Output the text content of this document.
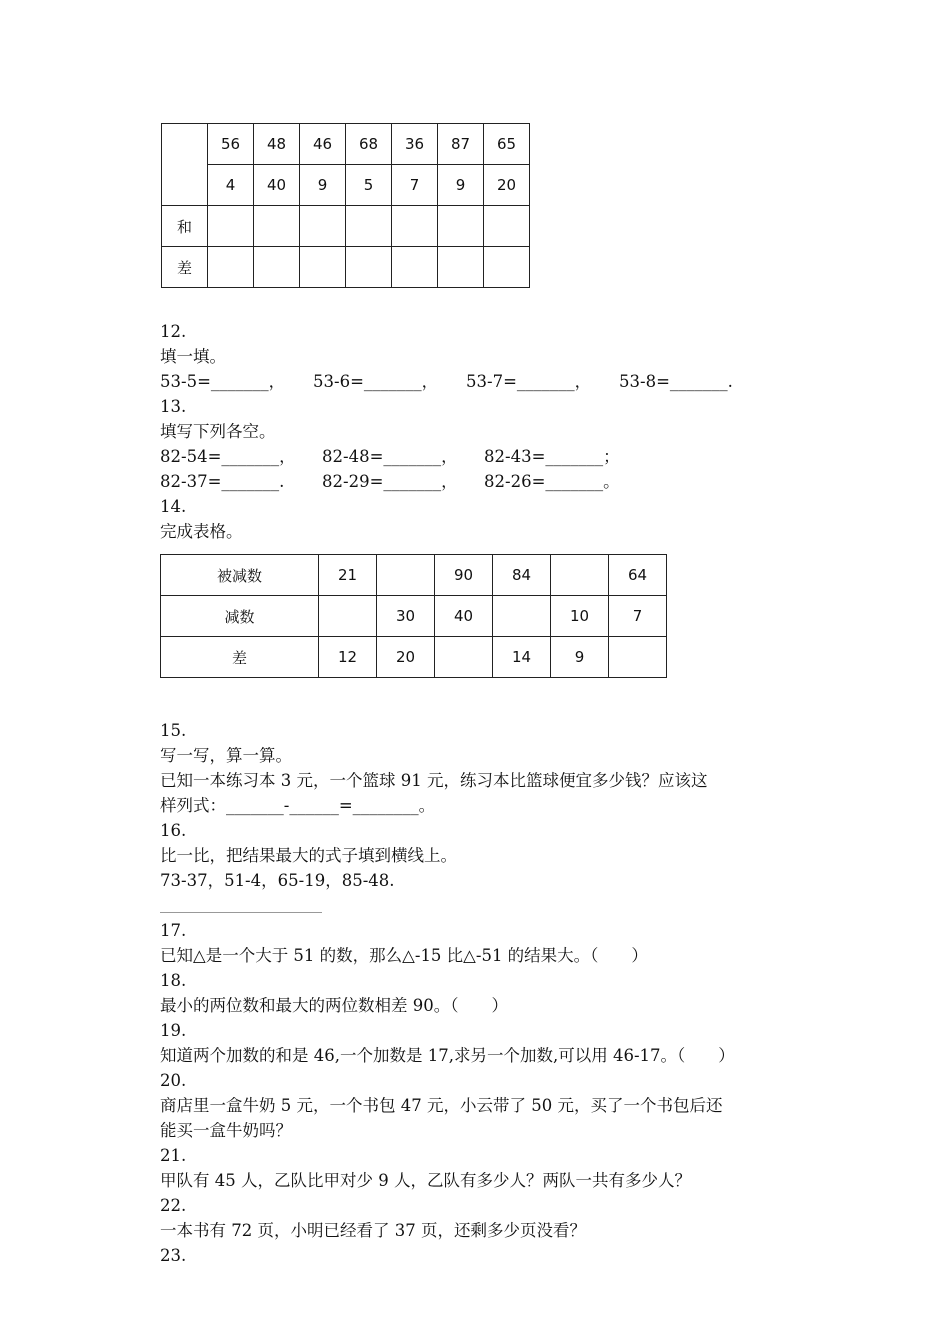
	56	48	46	68	36	87	65
	4	40	9	5	7	9	20
和							
差							
12.
填一填。
53-5=_______， 53-6=_______， 53-7=_______， 53-8=_______.
13.
填写下列各空。
82-54=_______， 82-48=_______， 82-43=_______；
82-37=_______. 82-29=_______， 82-26=_______。
14.
完成表格。
被减数	21		90	84		64
减数		30	40		10	7
差	12	20		14	9	
15.
写一写，算一算。
已知一本练习本 3 元，一个篮球 91 元，练习本比篮球便宜多少钱？应该这
样列式：_______-______=________。
16.
比一比，把结果最大的式子填到横线上。
73-37，51-4，65-19，85-48.
17.
已知△是一个大于 51 的数，那么△-15 比△-51 的结果大。（　　）
18.
最小的两位数和最大的两位数相差 90。（　　）
19.
知道两个加数的和是 46,一个加数是 17,求另一个加数,可以用 46-17。（　　）
20.
商店里一盒牛奶 5 元，一个书包 47 元，小云带了 50 元，买了一个书包后还
能买一盒牛奶吗？
21.
甲队有 45 人，乙队比甲对少 9 人，乙队有多少人？两队一共有多少人？
22.
一本书有 72 页，小明已经看了 37 页，还剩多少页没看？
23.
